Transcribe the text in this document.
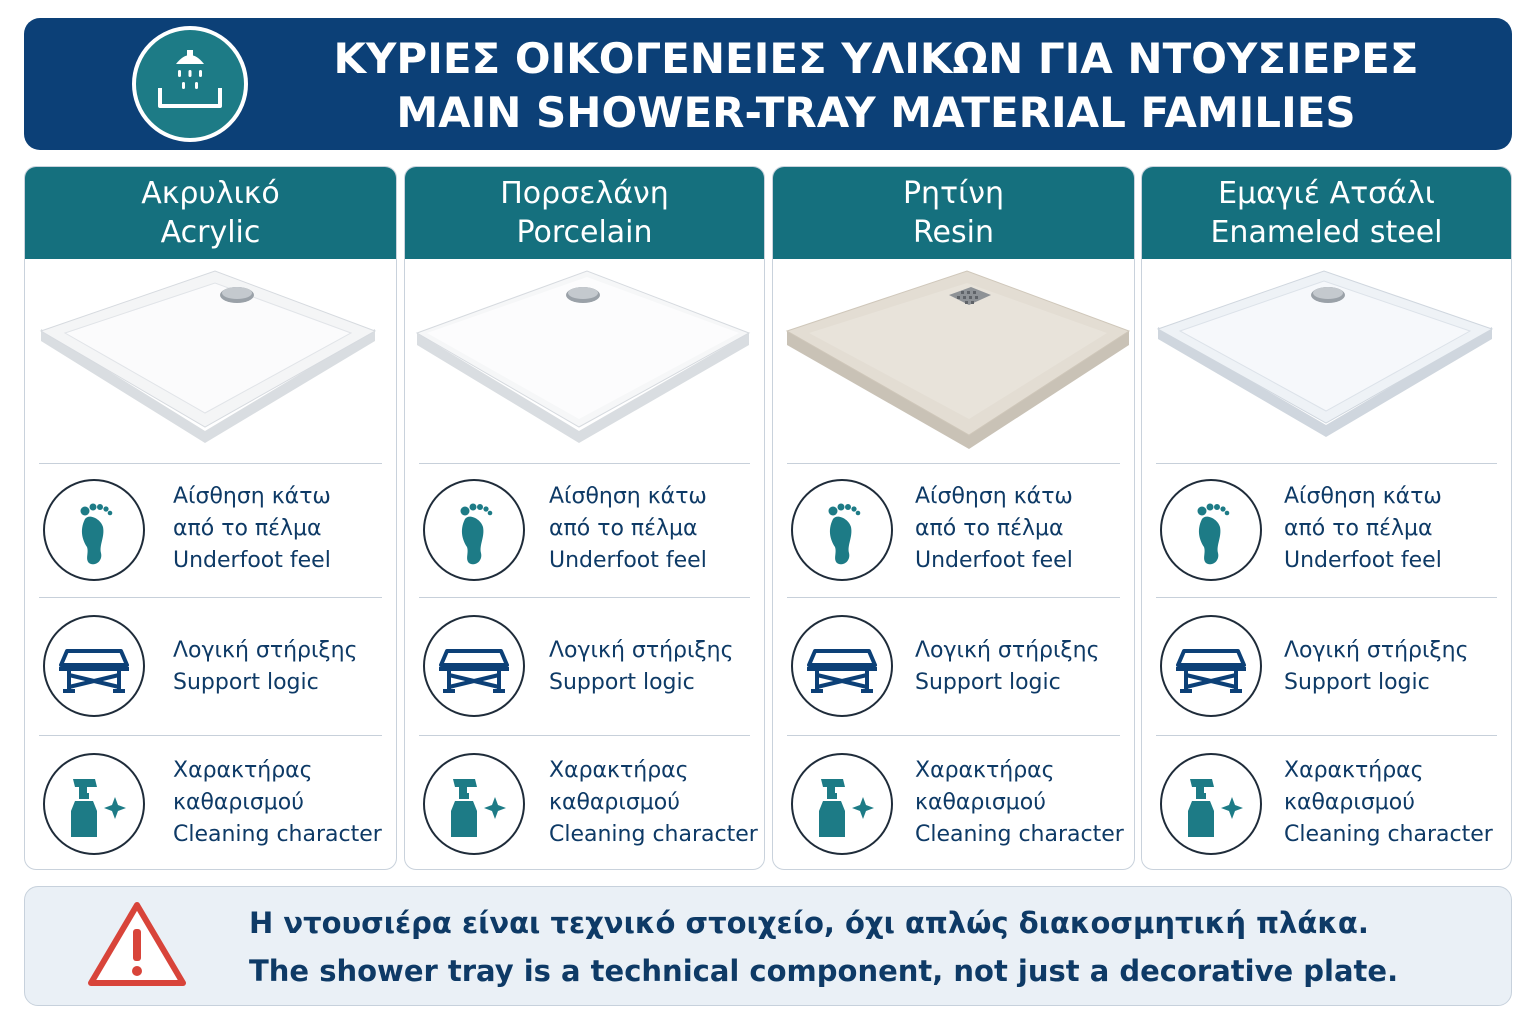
ΚΥΡΙΕΣ ΟΙΚΟΓΕΝΕΙΕΣ ΥΛΙΚΩΝ ΓΙΑ ΝΤΟΥΣΙΕΡΕΣ
MAIN SHOWER-TRAY MATERIAL FAMILIES
Ακρυλικό
Acrylic
Αίσθηση κάτω
από το πέλμα
Underfoot feel
Λογική στήριξης
Support logic
Χαρακτήρας
καθαρισμού
Cleaning character
Πορσελάνη
Porcelain
Αίσθηση κάτω
από το πέλμα
Underfoot feel
Λογική στήριξης
Support logic
Χαρακτήρας
καθαρισμού
Cleaning character
Ρητίνη
Resin
Αίσθηση κάτω
από το πέλμα
Underfoot feel
Λογική στήριξης
Support logic
Χαρακτήρας
καθαρισμού
Cleaning character
Εμαγιέ Ατσάλι
Enameled steel
Αίσθηση κάτω
από το πέλμα
Underfoot feel
Λογική στήριξης
Support logic
Χαρακτήρας
καθαρισμού
Cleaning character
Η ντουσιέρα είναι τεχνικό στοιχείο, όχι απλώς διακοσμητική πλάκα.
The shower tray is a technical component, not just a decorative plate.
